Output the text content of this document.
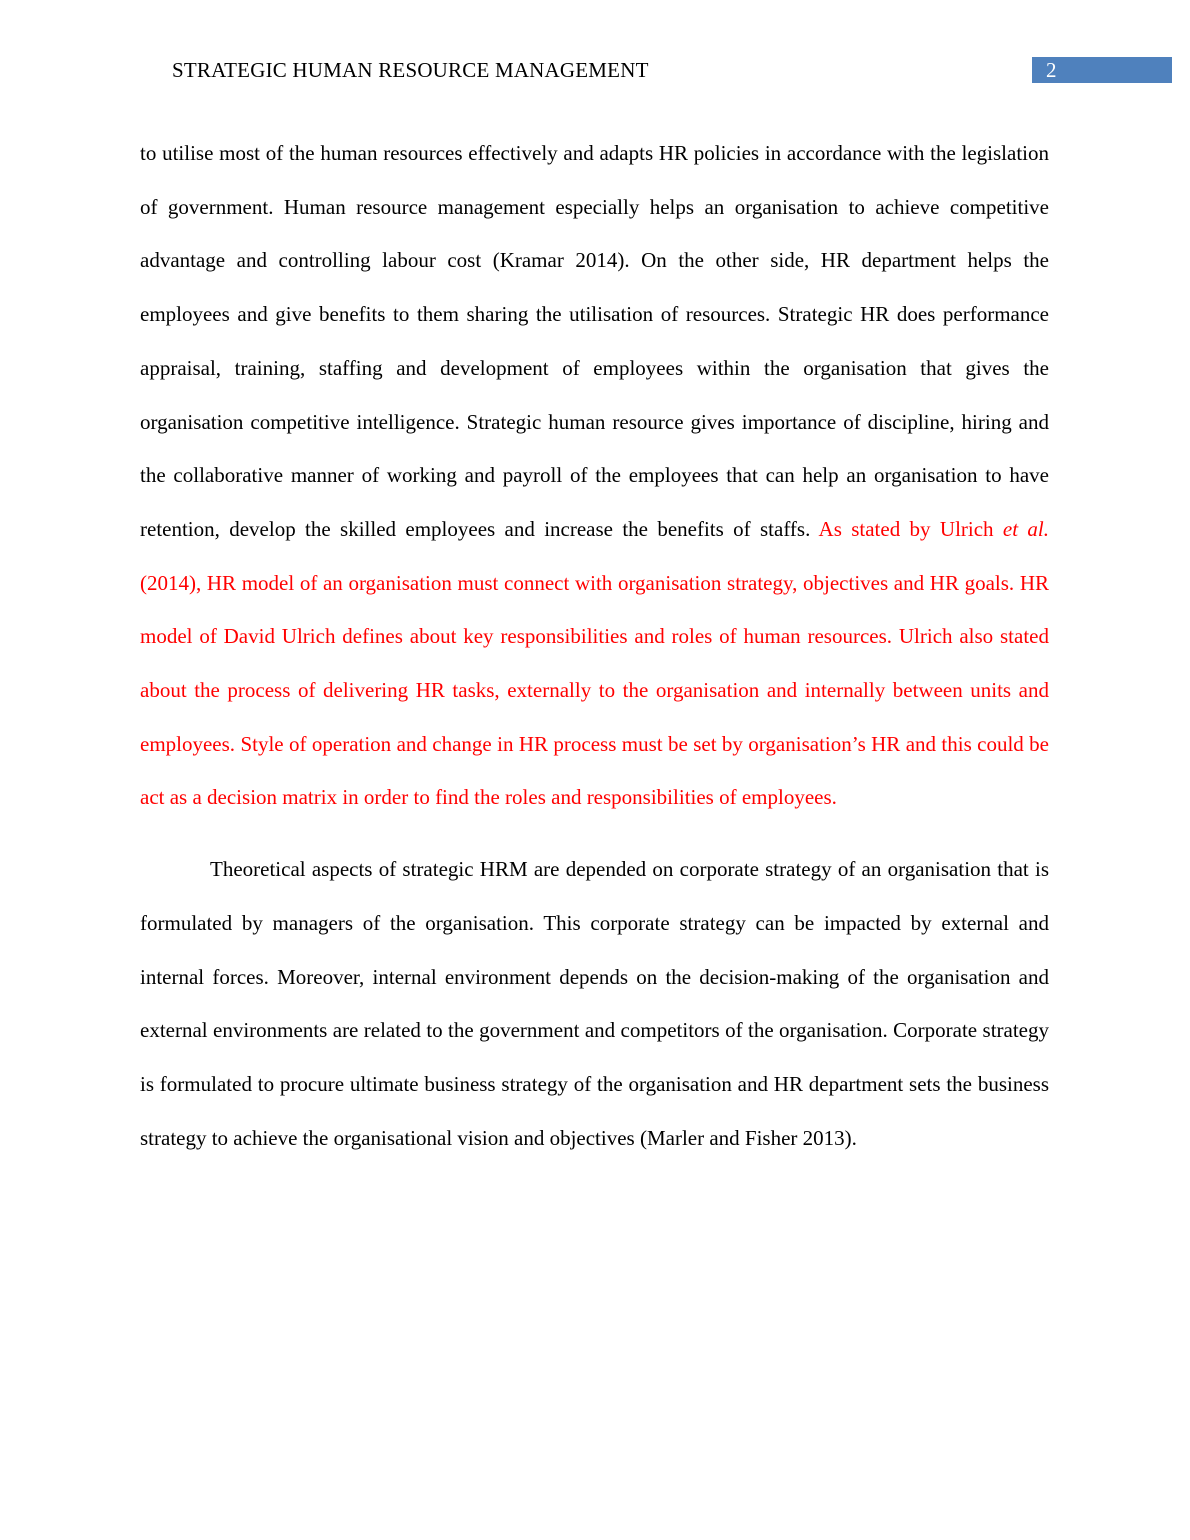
STRATEGIC HUMAN RESOURCE MANAGEMENT	2

to utilise most of the human resources effectively and adapts HR policies in accordance with the legislation of government. Human resource management especially helps an organisation to achieve competitive advantage and controlling labour cost (Kramar 2014). On the other side, HR department helps the employees and give benefits to them sharing the utilisation of resources. Strategic HR does performance appraisal, training, staffing and development of employees within the organisation that gives the organisation competitive intelligence. Strategic human resource gives importance of discipline, hiring and the collaborative manner of working and payroll of the employees that can help an organisation to have retention, develop the skilled employees and increase the benefits of staffs. As stated by Ulrich et al. (2014), HR model of an organisation must connect with organisation strategy, objectives and HR goals. HR model of David Ulrich defines about key responsibilities and roles of human resources. Ulrich also stated about the process of delivering HR tasks, externally to the organisation and internally between units and employees. Style of operation and change in HR process must be set by organisation’s HR and this could be act as a decision matrix in order to find the roles and responsibilities of employees.

Theoretical aspects of strategic HRM are depended on corporate strategy of an organisation that is formulated by managers of the organisation. This corporate strategy can be impacted by external and internal forces. Moreover, internal environment depends on the decision-making of the organisation and external environments are related to the government and competitors of the organisation. Corporate strategy is formulated to procure ultimate business strategy of the organisation and HR department sets the business strategy to achieve the organisational vision and objectives (Marler and Fisher 2013).
